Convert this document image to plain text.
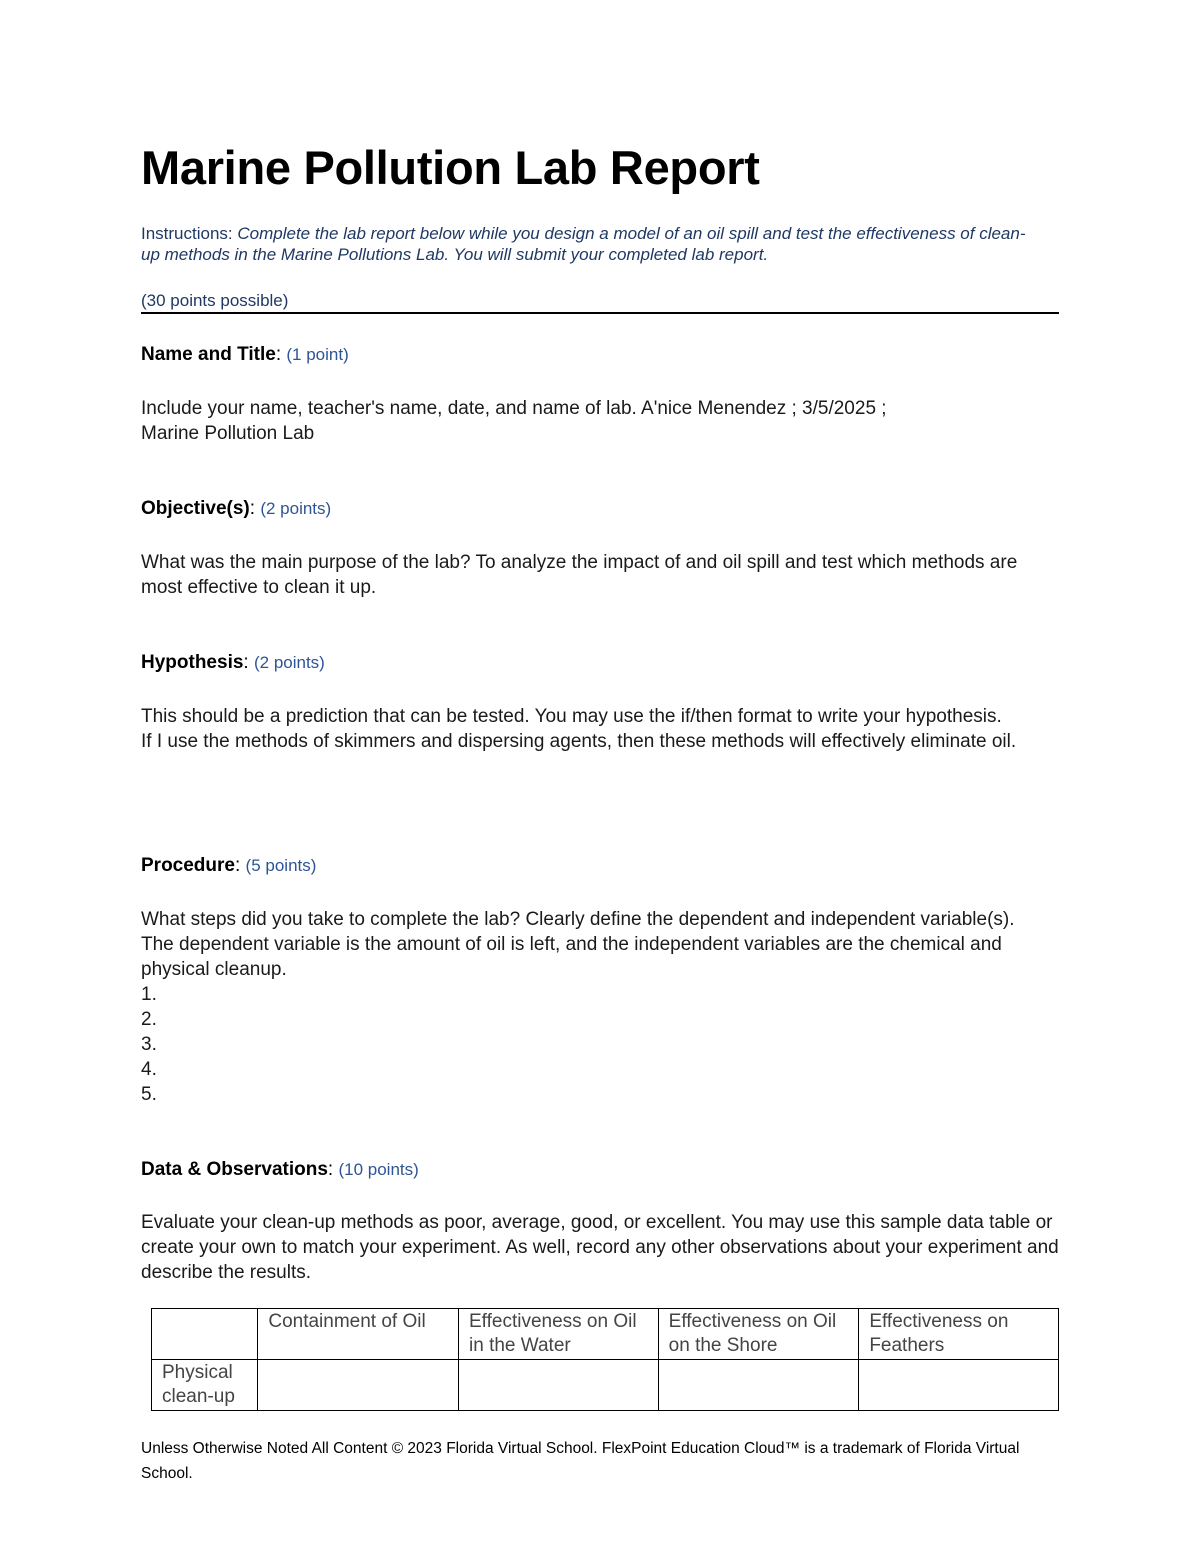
Marine Pollution Lab Report
Instructions: Complete the lab report below while you design a model of an oil spill and test the effectiveness of clean-up methods in the Marine Pollutions Lab. You will submit your completed lab report.
(30 points possible)
Name and Title: (1 point)
Include your name, teacher's name, date, and name of lab. A'nice Menendez ; 3/5/2025 ;
Marine Pollution Lab
Objective(s): (2 points)
What was the main purpose of the lab? To analyze the impact of and oil spill and test which methods are most effective to clean it up.
Hypothesis: (2 points)
This should be a prediction that can be tested. You may use the if/then format to write your hypothesis.
If I use the methods of skimmers and dispersing agents, then these methods will effectively eliminate oil.
Procedure: (5 points)
What steps did you take to complete the lab? Clearly define the dependent and independent variable(s).
The dependent variable is the amount of oil is left, and the independent variables are the chemical and physical cleanup.
1.
2.
3.
4.
5.
Data & Observations: (10 points)
Evaluate your clean-up methods as poor, average, good, or excellent. You may use this sample data table or create your own to match your experiment. As well, record any other observations about your experiment and describe the results.
	Containment of Oil	Effectiveness on Oil in the Water	Effectiveness on Oil on the Shore	Effectiveness on Feathers
Physical clean-up				
Unless Otherwise Noted All Content © 2023 Florida Virtual School. FlexPoint Education Cloud™ is a trademark of Florida Virtual School.
